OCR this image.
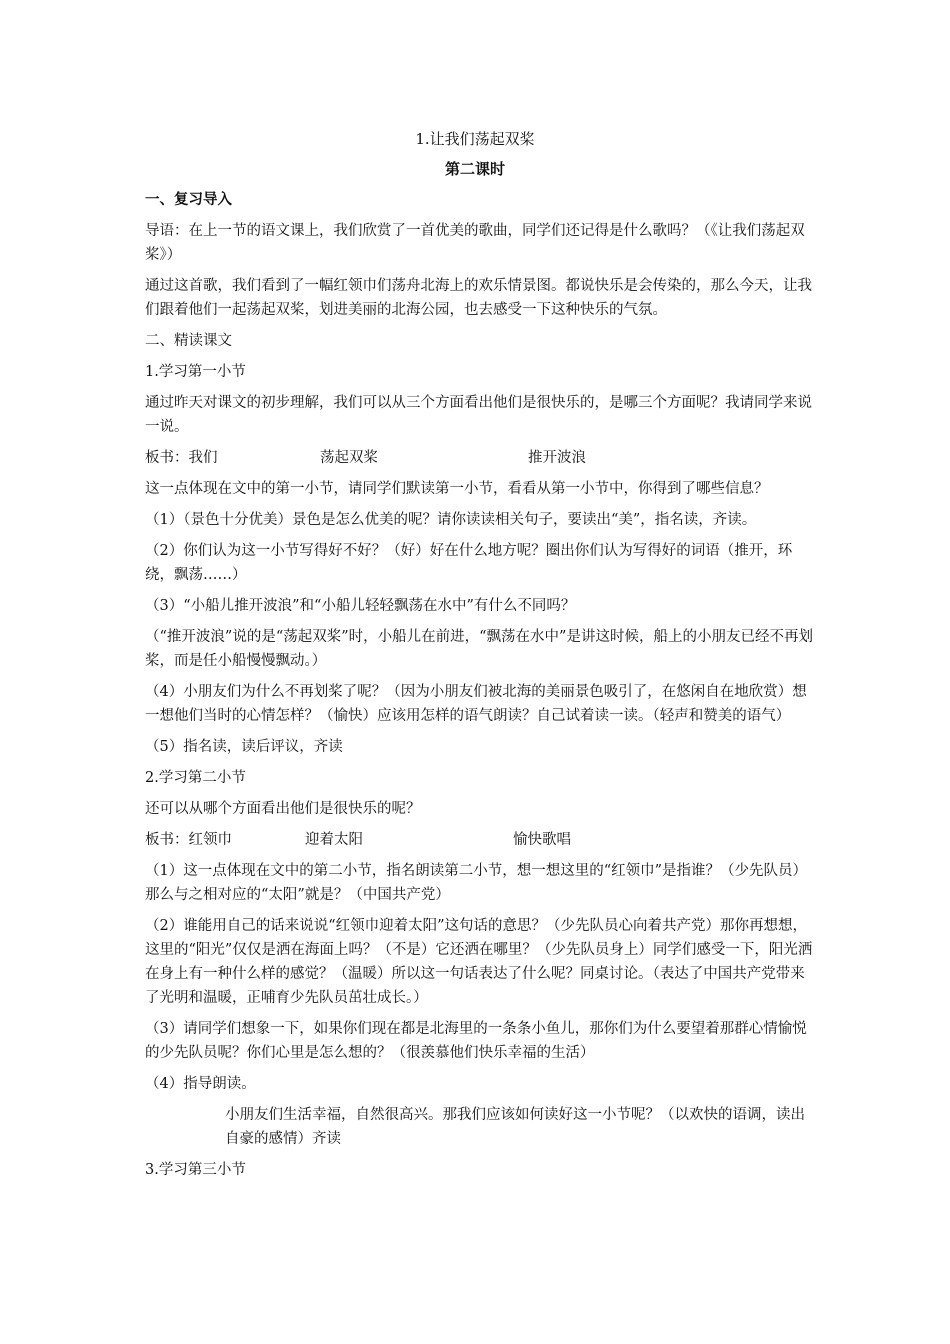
1.让我们荡起双桨
第二课时

一、复习导入

导语：在上一节的语文课上，我们欣赏了一首优美的歌曲，同学们还记得是什么歌吗？（《让我们荡起双桨》）

通过这首歌，我们看到了一幅红领巾们荡舟北海上的欢乐情景图。都说快乐是会传染的，那么今天，让我们跟着他们一起荡起双桨，划进美丽的北海公园，也去感受一下这种快乐的气氛。

二、精读课文

1.学习第一小节

通过昨天对课文的初步理解，我们可以从三个方面看出他们是很快乐的，是哪三个方面呢？我请同学来说一说。

板书：我们	荡起双桨	推开波浪

这一点体现在文中的第一小节，请同学们默读第一小节，看看从第一小节中，你得到了哪些信息？

（1）（景色十分优美）景色是怎么优美的呢？请你读读相关句子，要读出“美”，指名读，齐读。

（2）你们认为这一小节写得好不好？（好）好在什么地方呢？圈出你们认为写得好的词语（推开，环绕，飘荡……）

（3）“小船儿推开波浪”和“小船儿轻轻飘荡在水中”有什么不同吗？

（“推开波浪”说的是“荡起双桨”时，小船儿在前进，“飘荡在水中”是讲这时候，船上的小朋友已经不再划桨，而是任小船慢慢飘动。）

（4）小朋友们为什么不再划桨了呢？（因为小朋友们被北海的美丽景色吸引了，在悠闲自在地欣赏）想一想他们当时的心情怎样？（愉快）应该用怎样的语气朗读？自己试着读一读。（轻声和赞美的语气）

（5）指名读，读后评议，齐读

2.学习第二小节

还可以从哪个方面看出他们是很快乐的呢？

板书：红领巾	迎着太阳	愉快歌唱

（1）这一点体现在文中的第二小节，指名朗读第二小节，想一想这里的“红领巾”是指谁？（少先队员）　那么与之相对应的“太阳”就是？（中国共产党）

（2）谁能用自己的话来说说“红领巾迎着太阳”这句话的意思？（少先队员心向着共产党）那你再想想，这里的“阳光”仅仅是洒在海面上吗？（不是）它还洒在哪里？（少先队员身上）同学们感受一下，阳光洒在身上有一种什么样的感觉？（温暖）所以这一句话表达了什么呢？同桌讨论。（表达了中国共产党带来了光明和温暖，正哺育少先队员茁壮成长。）

（3）请同学们想象一下，如果你们现在都是北海里的一条条小鱼儿，那你们为什么要望着那群心情愉悦的少先队员呢？你们心里是怎么想的？（很羡慕他们快乐幸福的生活）

（4）指导朗读。

小朋友们生活幸福，自然很高兴。那我们应该如何读好这一小节呢？（以欢快的语调，读出自豪的感情）齐读

3.学习第三小节
